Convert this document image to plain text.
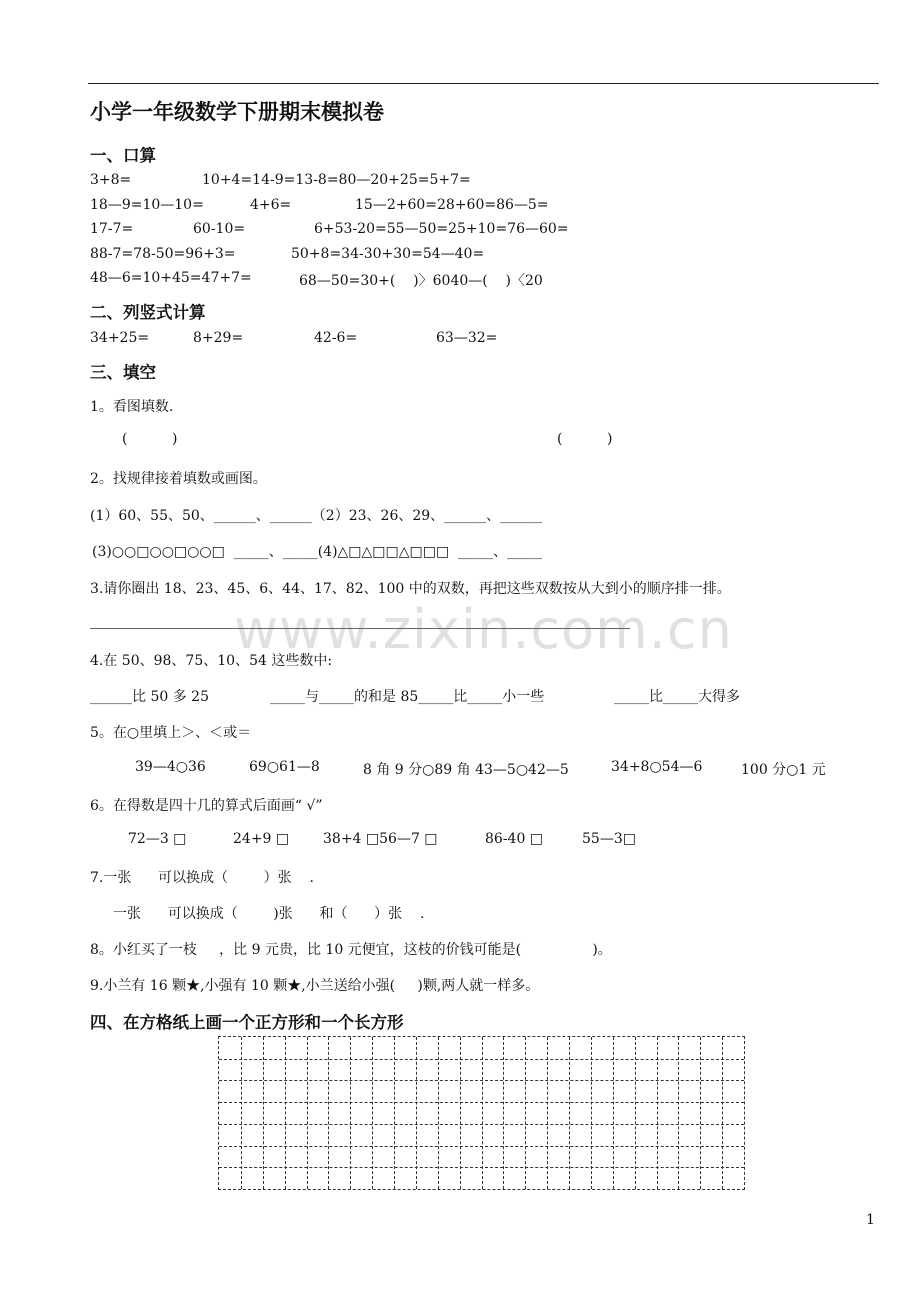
小学一年级数学下册期末模拟卷
一、口算
3+8=	10+4=14-9=13-8=80—20+25=5+7=
18—9=10—10=	4+6=	15—2+60=28+60=86—5=
17-7=	60-10=	6+53-20=55—50=25+10=76—60=
88-7=78-50=96+3=	50+8=34-30+30=54—40=
48—6=10+45=47+7=	68—50=30+(    )〉6040—(    )〈20
二、列竖式计算
34+25=	8+29=	42-6=	63—32=
三、填空
1。看图填数.
(          )	(          )
2。找规律接着填数或画图。
(1）60、55、50、______、______（2）23、26、29、______、______
(3)○○□○○□○○□  _____、_____(4)△□△□□△□□□  _____、_____
3.请你圈出 18、23、45、6、44、17、82、100 中的双数，再把这些双数按从大到小的顺序排一排。
www.zixin.com.cn
4.在 50、98、75、10、54 这些数中:
______比 50 多 25	_____与_____的和是 85_____比_____小一些	_____比_____大得多
5。在○里填上＞、＜或＝
39—4○36	69○61—8	8 角 9 分○89 角 43—5○42—5	34+8○54—6	100 分○1 元
6。在得数是四十几的算式后面画“ √”
72—3 □	24+9 □ 38+4 □56—7 □	86-40 □	55—3□
7.一张      可以换成（        ）张    .
一张      可以换成（        )张      和（      ）张    .
8。小红买了一枝     ，比 9 元贵，比 10 元便宜，这枝的价钱可能是(                )。
9.小兰有 16 颗★,小强有 10 颗★,小兰送给小强(     )颗,两人就一样多。
四、在方格纸上画一个正方形和一个长方形
1
